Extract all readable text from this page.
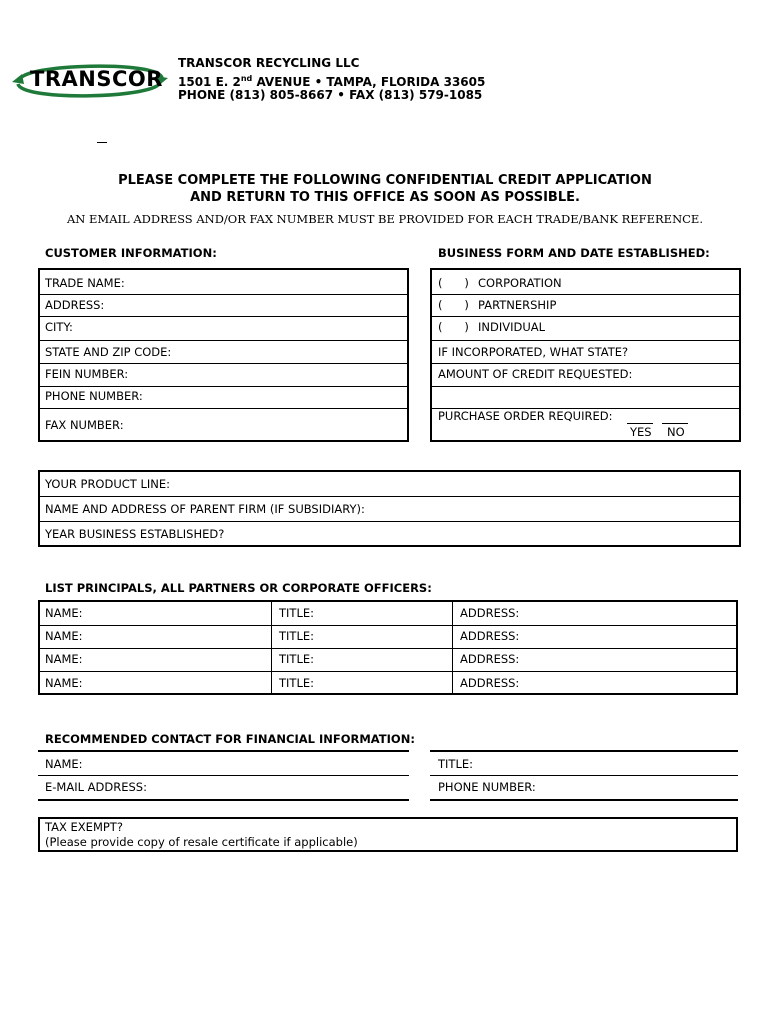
TRANSCOR
TRANSCOR RECYCLING LLC
1501 E. 2nd AVENUE • TAMPA, FLORIDA 33605
PHONE (813) 805-8667 • FAX (813) 579-1085
PLEASE COMPLETE THE FOLLOWING CONFIDENTIAL CREDIT APPLICATION
AND RETURN TO THIS OFFICE AS SOON AS POSSIBLE.
AN EMAIL ADDRESS AND/OR FAX NUMBER MUST BE PROVIDED FOR EACH TRADE/BANK REFERENCE.
CUSTOMER INFORMATION:
TRADE NAME:
ADDRESS:
CITY:
STATE AND ZIP CODE:
FEIN NUMBER:
PHONE NUMBER:
FAX NUMBER:
BUSINESS FORM AND DATE ESTABLISHED:
(      ) CORPORATION
(      ) PARTNERSHIP
(      ) INDIVIDUAL
IF INCORPORATED, WHAT STATE?
AMOUNT OF CREDIT REQUESTED:
PURCHASE ORDER REQUIRED:
YES NO
YOUR PRODUCT LINE:
NAME AND ADDRESS OF PARENT FIRM (IF SUBSIDIARY):
YEAR BUSINESS ESTABLISHED?
LIST PRINCIPALS, ALL PARTNERS OR CORPORATE OFFICERS:
NAME:	TITLE:	ADDRESS:
NAME:	TITLE:	ADDRESS:
NAME:	TITLE:	ADDRESS:
NAME:	TITLE:	ADDRESS:
RECOMMENDED CONTACT FOR FINANCIAL INFORMATION:
NAME:	TITLE:
E-MAIL ADDRESS:	PHONE NUMBER:
TAX EXEMPT?
(Please provide copy of resale certificate if applicable)
